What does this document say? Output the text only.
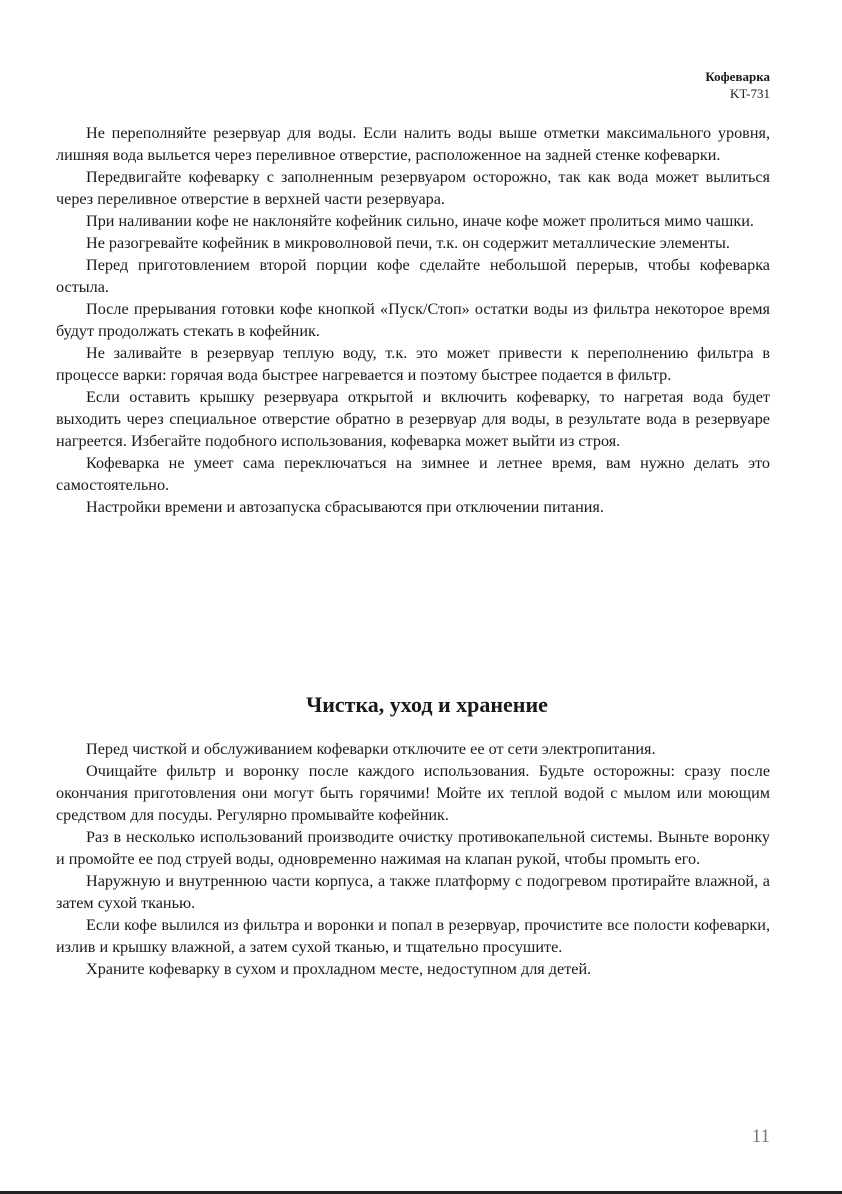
Кофеварка
KT-731

Не переполняйте резервуар для воды. Если налить воды выше отметки максимального уровня, лишняя вода выльется через переливное отверстие, расположенное на задней стенке кофеварки.

Передвигайте кофеварку с заполненным резервуаром осторожно, так как вода может вылиться через переливное отверстие в верхней части резервуара.

При наливании кофе не наклоняйте кофейник сильно, иначе кофе может пролиться мимо чашки.

Не разогревайте кофейник в микроволновой печи, т.к. он содержит металлические элементы.

Перед приготовлением второй порции кофе сделайте небольшой перерыв, чтобы кофеварка остыла.

После прерывания готовки кофе кнопкой «Пуск/Стоп» остатки воды из фильтра некоторое время будут продолжать стекать в кофейник.

Не заливайте в резервуар теплую воду, т.к. это может привести к переполнению фильтра в процессе варки: горячая вода быстрее нагревается и поэтому быстрее подается в фильтр.

Если оставить крышку резервуара открытой и включить кофеварку, то нагретая вода будет выходить через специальное отверстие обратно в резервуар для воды, в результате вода в резервуаре нагреется. Избегайте подобного использования, кофеварка может выйти из строя.

Кофеварка не умеет сама переключаться на зимнее и летнее время, вам нужно делать это самостоятельно.

Настройки времени и автозапуска сбрасываются при отключении питания.

Чистка, уход и хранение

Перед чисткой и обслуживанием кофеварки отключите ее от сети электропитания.

Очищайте фильтр и воронку после каждого использования. Будьте осторожны: сразу после окончания приготовления они могут быть горячими! Мойте их теплой водой с мылом или моющим средством для посуды. Регулярно промывайте кофейник.

Раз в несколько использований производите очистку противокапельной системы. Выньте воронку и промойте ее под струей воды, одновременно нажимая на клапан рукой, чтобы промыть его.

Наружную и внутреннюю части корпуса, а также платформу с подогревом протирайте влажной, а затем сухой тканью.

Если кофе вылился из фильтра и воронки и попал в резервуар, прочистите все полости кофеварки, излив и крышку влажной, а затем сухой тканью, и тщательно просушите.

Храните кофеварку в сухом и прохладном месте, недоступном для детей.

11
